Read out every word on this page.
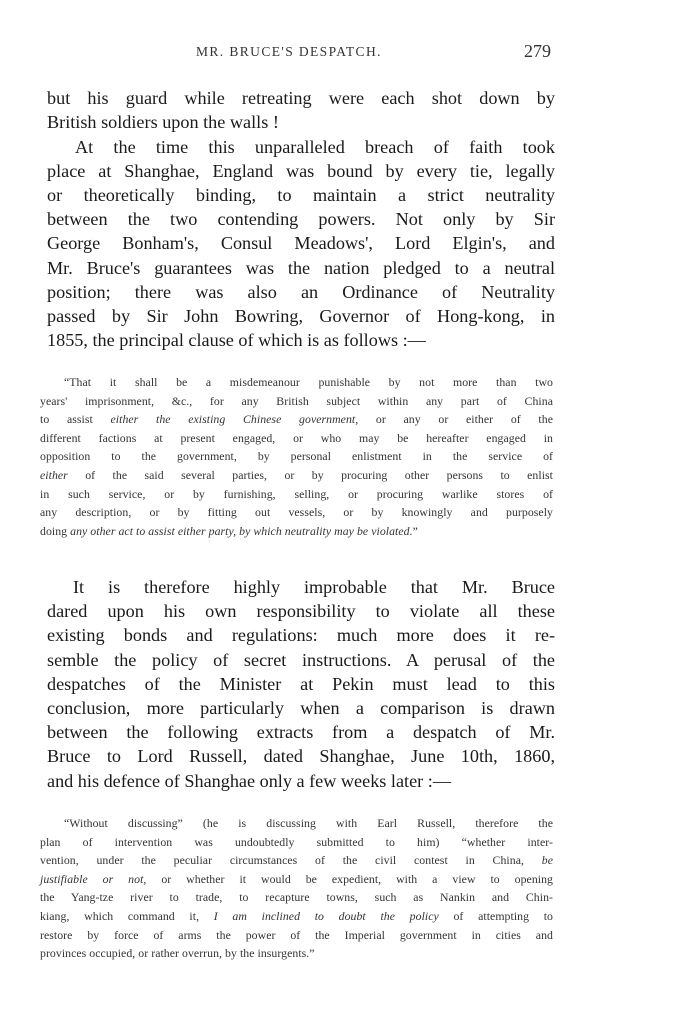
MR. BRUCE'S DESPATCH.	279
but his guard while retreating were each shot down by
British soldiers upon the walls !
At the time this unparalleled breach of faith took
place at Shanghae, England was bound by every tie, legally
or theoretically binding, to maintain a strict neutrality
between the two contending powers. Not only by Sir
George Bonham's, Consul Meadows', Lord Elgin's, and
Mr. Bruce's guarantees was the nation pledged to a neutral
position; there was also an Ordinance of Neutrality
passed by Sir John Bowring, Governor of Hong-kong, in
1855, the principal clause of which is as follows :—
“That it shall be a misdemeanour punishable by not more than two
years' imprisonment, &c., for any British subject within any part of China
to assist either the existing Chinese government, or any or either of the
different factions at present engaged, or who may be hereafter engaged in
opposition to the government, by personal enlistment in the service of
either of the said several parties, or by procuring other persons to enlist
in such service, or by furnishing, selling, or procuring warlike stores of
any description, or by fitting out vessels, or by knowingly and purposely
doing any other act to assist either party, by which neutrality may be violated.”
It is therefore highly improbable that Mr. Bruce
dared upon his own responsibility to violate all these
existing bonds and regulations: much more does it re-
semble the policy of secret instructions. A perusal of the
despatches of the Minister at Pekin must lead to this
conclusion, more particularly when a comparison is drawn
between the following extracts from a despatch of Mr.
Bruce to Lord Russell, dated Shanghae, June 10th, 1860,
and his defence of Shanghae only a few weeks later :—
“Without discussing” (he is discussing with Earl Russell, therefore the
plan of intervention was undoubtedly submitted to him) “whether inter-
vention, under the peculiar circumstances of the civil contest in China, be
justifiable or not, or whether it would be expedient, with a view to opening
the Yang-tze river to trade, to recapture towns, such as Nankin and Chin-
kiang, which command it, I am inclined to doubt the policy of attempting to
restore by force of arms the power of the Imperial government in cities and
provinces occupied, or rather overrun, by the insurgents.”
